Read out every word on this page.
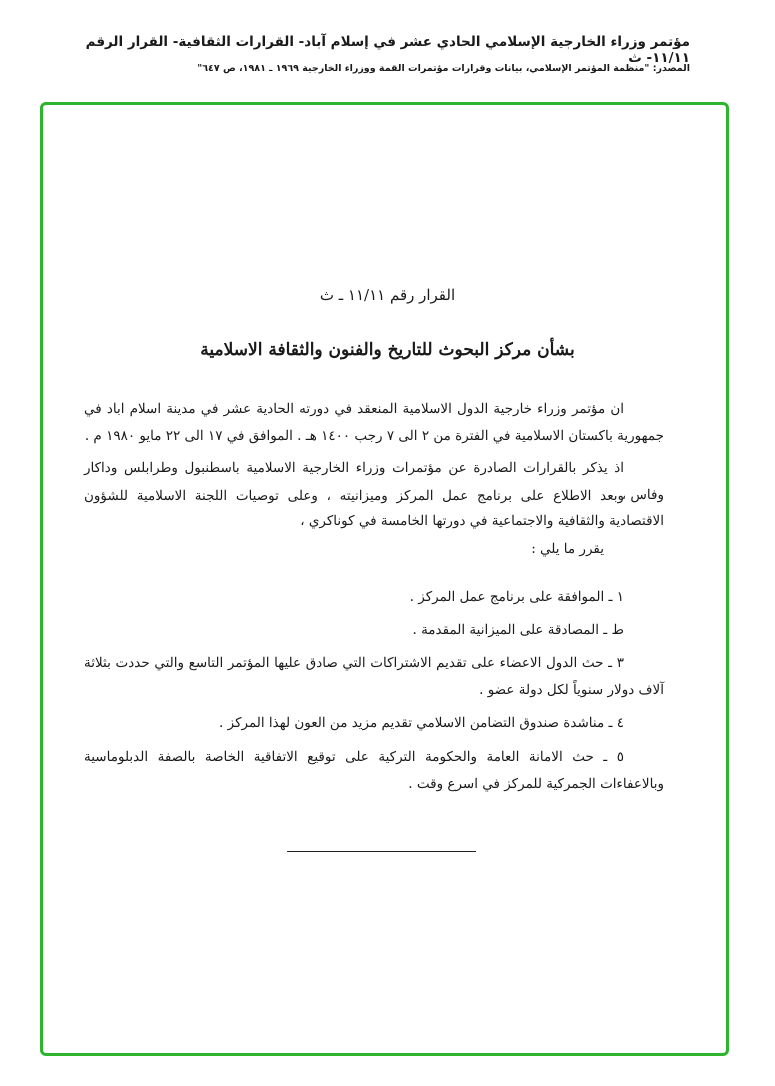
مؤتمر وزراء الخارجية الإسلامي الحادي عشر في إسلام آباد- القرارات الثقافية- القرار الرقم ١١/١١- ث
المصدر: "منظمة المؤتمر الإسلامي، بيانات وقرارات مؤتمرات القمة ووزراء الخارجية ١٩٦٩ ـ ١٩٨١، ص ٦٤٧"
القرار رقم ١١/١١ ـ ث
بشأن مركز البحوث للتاريخ والفنون والثقافة الاسلامية
ان مؤتمر وزراء خارجية الدول الاسلامية المنعقد في دورته الحادية عشر في مدينة اسلام اباد في جمهورية باكستان الاسلامية في الفترة من ٢ الى ٧ رجب ١٤٠٠ هـ . الموافق في ١٧ الى ٢٢ مايو ١٩٨٠ م .
اذ يذكر بالقرارات الصادرة عن مؤتمرات وزراء الخارجية الاسلامية باسطنبول وطرابلس وداكار وفاس ،
وبعد الاطلاع على برنامج عمل المركز وميزانيته ، وعلى توصيات اللجنة الاسلامية للشؤون الاقتصادية والثقافية والاجتماعية في دورتها الخامسة في كوناكري ،
يقرر ما يلي :
١ ـ الموافقة على برنامج عمل المركز .
ط ـ المصادقة على الميزانية المقدمة .
٣ ـ حث الدول الاعضاء على تقديم الاشتراكات التي صادق عليها المؤتمر التاسع والتي حددت بثلاثة آلاف دولار سنوياً لكل دولة عضو .
٤ ـ مناشدة صندوق التضامن الاسلامي تقديم مزيد من العون لهذا المركز .
٥ ـ حث الامانة العامة والحكومة التركية على توقيع الاتفاقية الخاصة بالصفة الدبلوماسية وبالاعفاءات الجمركية للمركز في اسرع وقت .
